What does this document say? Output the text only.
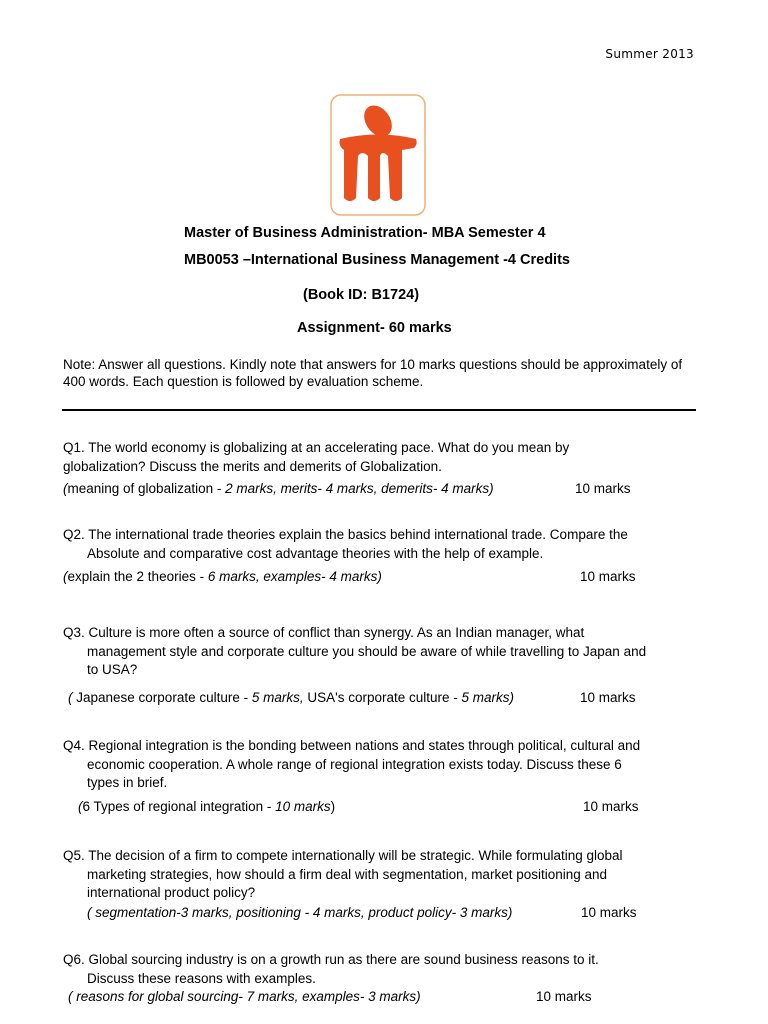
Summer 2013
Master of Business Administration- MBA Semester 4
MB0053 –International Business Management -4 Credits
(Book ID: B1724)
Assignment- 60 marks
Note: Answer all questions. Kindly note that answers for 10 marks questions should be approximately of 400 words. Each question is followed by evaluation scheme.

Q1. The world economy is globalizing at an accelerating pace. What do you mean by

globalization? Discuss the merits and demerits of Globalization.

(meaning of globalization - 2 marks, merits- 4 marks, demerits- 4 marks)	10 marks

Q2. The international trade theories explain the basics behind international trade. Compare the

Absolute and comparative cost advantage theories with the help of example.

(explain the 2 theories - 6 marks, examples- 4 marks)	10 marks

Q3. Culture is more often a source of conflict than synergy. As an Indian manager, what

management style and corporate culture you should be aware of while travelling to Japan and

to USA?

( Japanese corporate culture - 5 marks, USA's corporate culture - 5 marks)	10 marks

Q4. Regional integration is the bonding between nations and states through political, cultural and

economic cooperation. A whole range of regional integration exists today. Discuss these 6

types in brief.

(6 Types of regional integration - 10 marks)	10 marks

Q5. The decision of a firm to compete internationally will be strategic. While formulating global

marketing strategies, how should a firm deal with segmentation, market positioning and

international product policy?

( segmentation-3 marks, positioning - 4 marks, product policy- 3 marks)	10 marks

Q6. Global sourcing industry is on a growth run as there are sound business reasons to it.

Discuss these reasons with examples.

( reasons for global sourcing- 7 marks, examples- 3 marks)	10 marks
